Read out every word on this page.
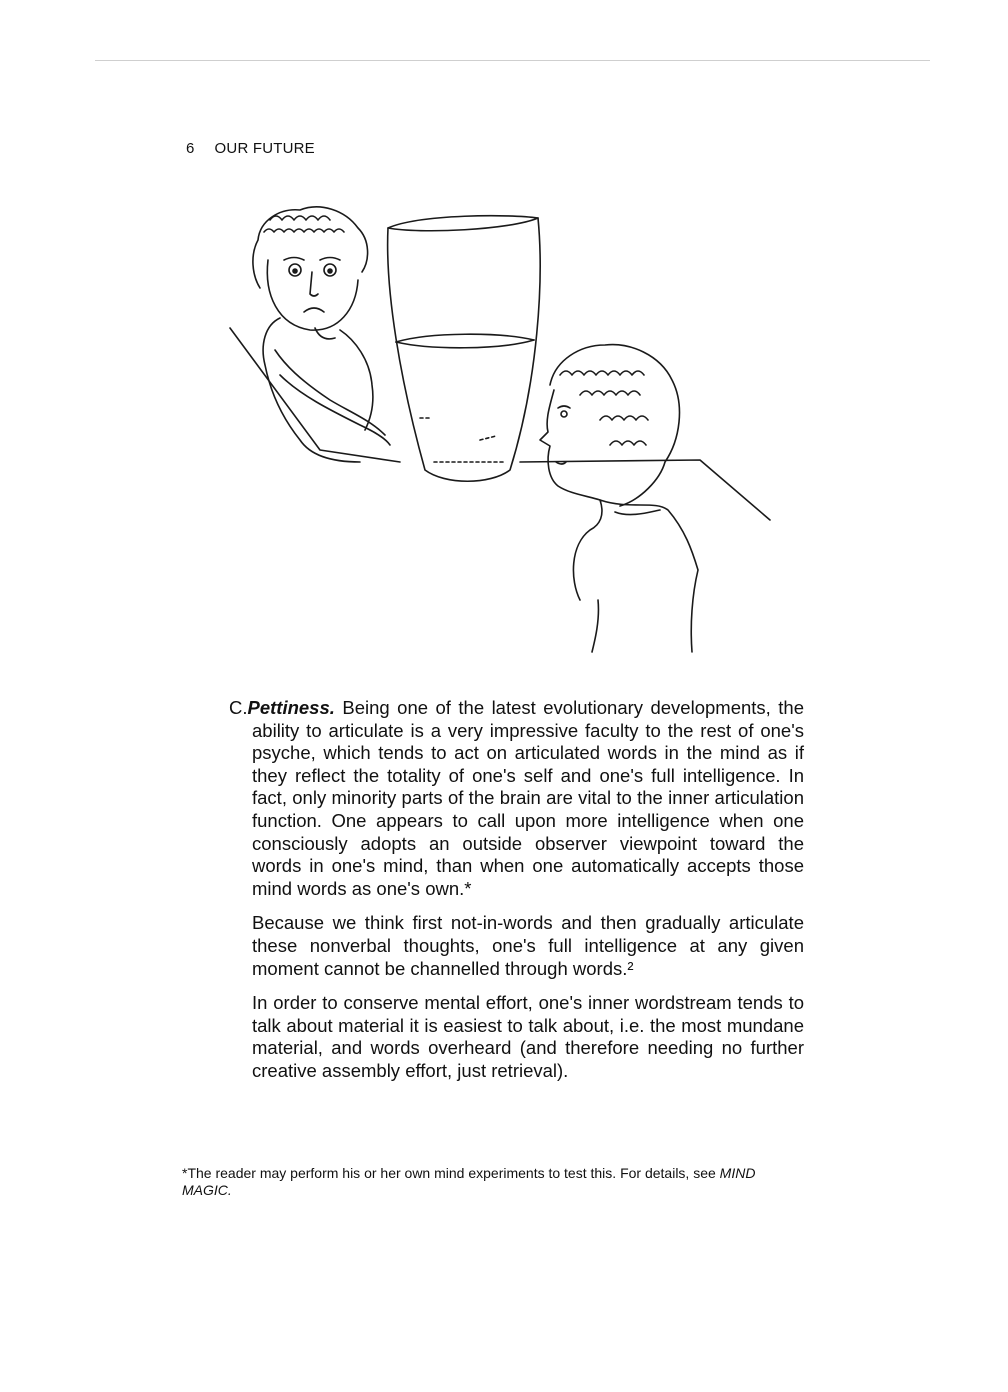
6 OUR FUTURE

C.Pettiness. Being one of the latest evolutionary developments, the ability to articulate is a very impressive faculty to the rest of one's psyche, which tends to act on articulated words in the mind as if they reflect the totality of one's self and one's full intelligence. In fact, only minority parts of the brain are vital to the inner articulation function. One appears to call upon more intelligence when one consciously adopts an outside observer viewpoint toward the words in one's mind, than when one automatically accepts those mind words as one's own.*

Because we think first not-in-words and then gradually articulate these nonverbal thoughts, one's full intelligence at any given moment cannot be channelled through words.²

In order to conserve mental effort, one's inner wordstream tends to talk about material it is easiest to talk about, i.e. the most mundane material, and words overheard (and therefore needing no further creative assembly effort, just retrieval).

*The reader may perform his or her own mind experiments to test this. For details, see MIND MAGIC.
